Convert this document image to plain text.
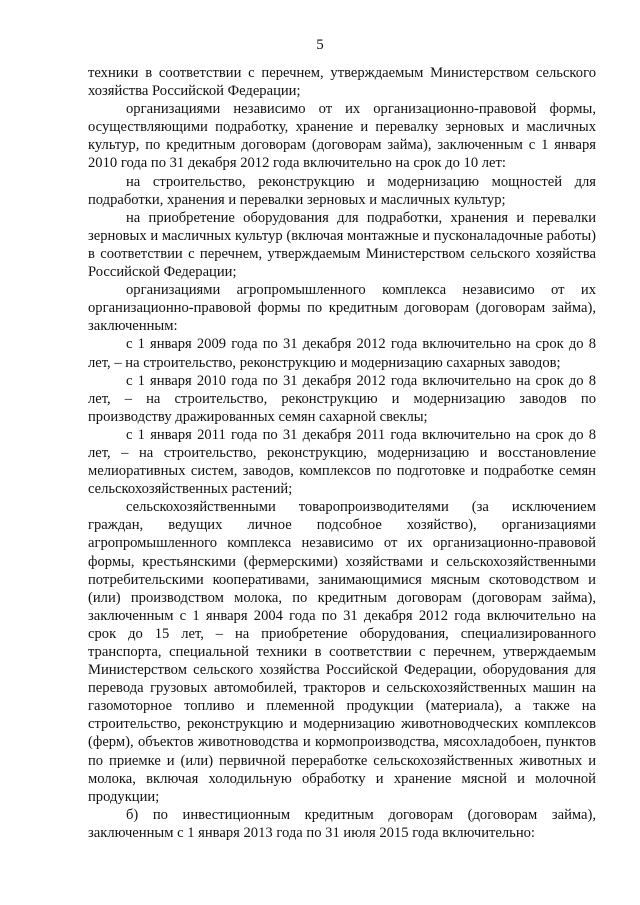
5

техники в соответствии с перечнем, утверждаемым Министерством сельского хозяйства Российской Федерации;

организациями независимо от их организационно-правовой формы, осуществляющими подработку, хранение и перевалку зерновых и масличных культур, по кредитным договорам (договорам займа), заключенным с 1 января 2010 года по 31 декабря 2012 года включительно на срок до 10 лет:

на строительство, реконструкцию и модернизацию мощностей для подработки, хранения и перевалки зерновых и масличных культур;

на приобретение оборудования для подработки, хранения и перевалки зерновых и масличных культур (включая монтажные и пусконаладочные работы) в соответствии с перечнем, утверждаемым Министерством сельского хозяйства Российской Федерации;

организациями агропромышленного комплекса независимо от их организационно-правовой формы по кредитным договорам (договорам займа), заключенным:

с 1 января 2009 года по 31 декабря 2012 года включительно на срок до 8 лет, – на строительство, реконструкцию и модернизацию сахарных заводов;

с 1 января 2010 года по 31 декабря 2012 года включительно на срок до 8 лет, – на строительство, реконструкцию и модернизацию заводов по производству дражированных семян сахарной свеклы;

с 1 января 2011 года по 31 декабря 2011 года включительно на срок до 8 лет, – на строительство, реконструкцию, модернизацию и восстановление мелиоративных систем, заводов, комплексов по подготовке и подработке семян сельскохозяйственных растений;

сельскохозяйственными товаропроизводителями (за исключением граждан, ведущих личное подсобное хозяйство), организациями агропромышленного комплекса независимо от их организационно-правовой формы, крестьянскими (фермерскими) хозяйствами и сельскохозяйственными потребительскими кооперативами, занимающимися мясным скотоводством и (или) производством молока, по кредитным договорам (договорам займа), заключенным с 1 января 2004 года по 31 декабря 2012 года включительно на срок до 15 лет, – на приобретение оборудования, специализированного транспорта, специальной техники в соответствии с перечнем, утверждаемым Министерством сельского хозяйства Российской Федерации, оборудования для перевода грузовых автомобилей, тракторов и сельскохозяйственных машин на газомоторное топливо и племенной продукции (материала), а также на строительство, реконструкцию и модернизацию животноводческих комплексов (ферм), объектов животноводства и кормопроизводства, мясохладобоен, пунктов по приемке и (или) первичной переработке сельскохозяйственных животных и молока, включая холодильную обработку и хранение мясной и молочной продукции;

б) по инвестиционным кредитным договорам (договорам займа), заключенным с 1 января 2013 года по 31 июля 2015 года включительно:
